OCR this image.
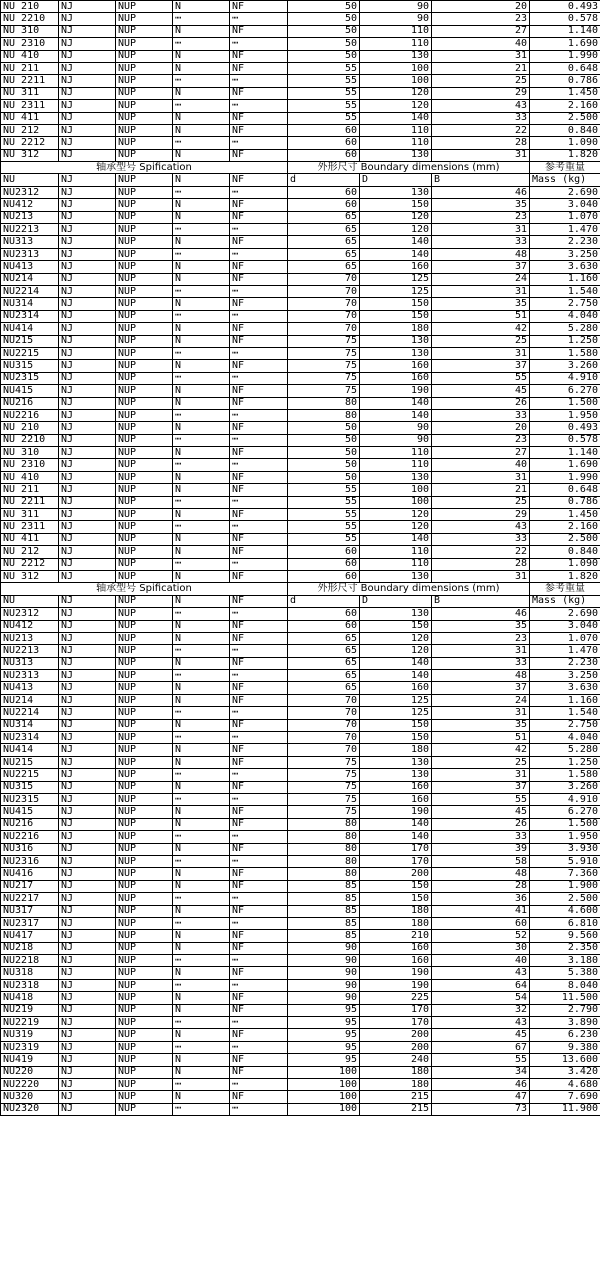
NU 210	NJ	NUP	N	NF	50	90	20	0.493
NU 2210	NJ	NUP	┉	┉	50	90	23	0.578
NU 310	NJ	NUP	N	NF	50	110	27	1.140
NU 2310	NJ	NUP	┉	┉	50	110	40	1.690
NU 410	NJ	NUP	N	NF	50	130	31	1.990
NU 211	NJ	NUP	N	NF	55	100	21	0.648
NU 2211	NJ	NUP	┉	┉	55	100	25	0.786
NU 311	NJ	NUP	N	NF	55	120	29	1.450
NU 2311	NJ	NUP	┉	┉	55	120	43	2.160
NU 411	NJ	NUP	N	NF	55	140	33	2.500
NU 212	NJ	NUP	N	NF	60	110	22	0.840
NU 2212	NJ	NUP	┉	┉	60	110	28	1.090
NU 312	NJ	NUP	N	NF	60	130	31	1.820
轴承型号 Spification					外形尺寸 Boundary dimensions (mm)			参考重量
NU	NJ	NUP	N	NF	d	D	B	Mass (kg)
NU2312	NJ	NUP	┉	┉	60	130	46	2.690
NU412	NJ	NUP	N	NF	60	150	35	3.040
NU213	NJ	NUP	N	NF	65	120	23	1.070
NU2213	NJ	NUP	┉	┉	65	120	31	1.470
NU313	NJ	NUP	N	NF	65	140	33	2.230
NU2313	NJ	NUP	┉	┉	65	140	48	3.250
NU413	NJ	NUP	N	NF	65	160	37	3.630
NU214	NJ	NUP	N	NF	70	125	24	1.160
NU2214	NJ	NUP	┉	┉	70	125	31	1.540
NU314	NJ	NUP	N	NF	70	150	35	2.750
NU2314	NJ	NUP	┉	┉	70	150	51	4.040
NU414	NJ	NUP	N	NF	70	180	42	5.280
NU215	NJ	NUP	N	NF	75	130	25	1.250
NU2215	NJ	NUP	┉	┉	75	130	31	1.580
NU315	NJ	NUP	N	NF	75	160	37	3.260
NU2315	NJ	NUP	┉	┉	75	160	55	4.910
NU415	NJ	NUP	N	NF	75	190	45	6.270
NU216	NJ	NUP	N	NF	80	140	26	1.500
NU2216	NJ	NUP	┉	┉	80	140	33	1.950
NU 210	NJ	NUP	N	NF	50	90	20	0.493
NU 2210	NJ	NUP	┉	┉	50	90	23	0.578
NU 310	NJ	NUP	N	NF	50	110	27	1.140
NU 2310	NJ	NUP	┉	┉	50	110	40	1.690
NU 410	NJ	NUP	N	NF	50	130	31	1.990
NU 211	NJ	NUP	N	NF	55	100	21	0.648
NU 2211	NJ	NUP	┉	┉	55	100	25	0.786
NU 311	NJ	NUP	N	NF	55	120	29	1.450
NU 2311	NJ	NUP	┉	┉	55	120	43	2.160
NU 411	NJ	NUP	N	NF	55	140	33	2.500
NU 212	NJ	NUP	N	NF	60	110	22	0.840
NU 2212	NJ	NUP	┉	┉	60	110	28	1.090
NU 312	NJ	NUP	N	NF	60	130	31	1.820
轴承型号 Spification					外形尺寸 Boundary dimensions (mm)			参考重量
NU	NJ	NUP	N	NF	d	D	B	Mass (kg)
NU2312	NJ	NUP	┉	┉	60	130	46	2.690
NU412	NJ	NUP	N	NF	60	150	35	3.040
NU213	NJ	NUP	N	NF	65	120	23	1.070
NU2213	NJ	NUP	┉	┉	65	120	31	1.470
NU313	NJ	NUP	N	NF	65	140	33	2.230
NU2313	NJ	NUP	┉	┉	65	140	48	3.250
NU413	NJ	NUP	N	NF	65	160	37	3.630
NU214	NJ	NUP	N	NF	70	125	24	1.160
NU2214	NJ	NUP	┉	┉	70	125	31	1.540
NU314	NJ	NUP	N	NF	70	150	35	2.750
NU2314	NJ	NUP	┉	┉	70	150	51	4.040
NU414	NJ	NUP	N	NF	70	180	42	5.280
NU215	NJ	NUP	N	NF	75	130	25	1.250
NU2215	NJ	NUP	┉	┉	75	130	31	1.580
NU315	NJ	NUP	N	NF	75	160	37	3.260
NU2315	NJ	NUP	┉	┉	75	160	55	4.910
NU415	NJ	NUP	N	NF	75	190	45	6.270
NU216	NJ	NUP	N	NF	80	140	26	1.500
NU2216	NJ	NUP	┉	┉	80	140	33	1.950
NU316	NJ	NUP	N	NF	80	170	39	3.930
NU2316	NJ	NUP	┉	┉	80	170	58	5.910
NU416	NJ	NUP	N	NF	80	200	48	7.360
NU217	NJ	NUP	N	NF	85	150	28	1.900
NU2217	NJ	NUP	┉	┉	85	150	36	2.500
NU317	NJ	NUP	N	NF	85	180	41	4.600
NU2317	NJ	NUP	┉	┉	85	180	60	6.810
NU417	NJ	NUP	N	NF	85	210	52	9.560
NU218	NJ	NUP	N	NF	90	160	30	2.350
NU2218	NJ	NUP	┉	┉	90	160	40	3.180
NU318	NJ	NUP	N	NF	90	190	43	5.380
NU2318	NJ	NUP	┉	┉	90	190	64	8.040
NU418	NJ	NUP	N	NF	90	225	54	11.500
NU219	NJ	NUP	N	NF	95	170	32	2.790
NU2219	NJ	NUP	┉	┉	95	170	43	3.890
NU319	NJ	NUP	N	NF	95	200	45	6.230
NU2319	NJ	NUP	┉	┉	95	200	67	9.380
NU419	NJ	NUP	N	NF	95	240	55	13.600
NU220	NJ	NUP	N	NF	100	180	34	3.420
NU2220	NJ	NUP	┉	┉	100	180	46	4.680
NU320	NJ	NUP	N	NF	100	215	47	7.690
NU2320	NJ	NUP	┉	┉	100	215	73	11.900
